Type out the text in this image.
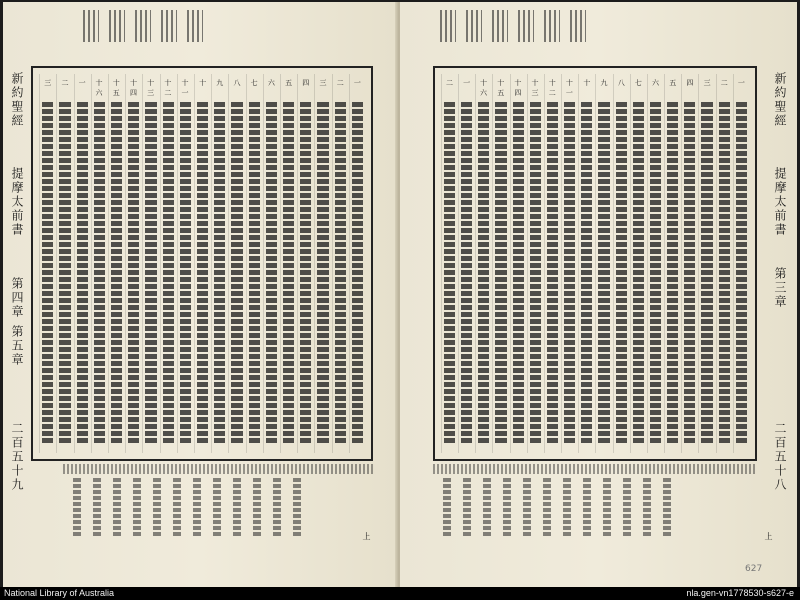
一
二
三
四
五
六
七
八
九
十
十一
十二
十三
十四
十五
十六
一
二
三
新約聖經
提摩太前書
第四章 第五章
二百五十九
上
一
二
三
四
五
六
七
八
九
十
十一
十二
十三
十四
十五
十六
一
二	新約聖經
提摩太前書
第三章
二百五十八
上
627
National Library of Australia	nla.gen-vn1778530-s627-e
